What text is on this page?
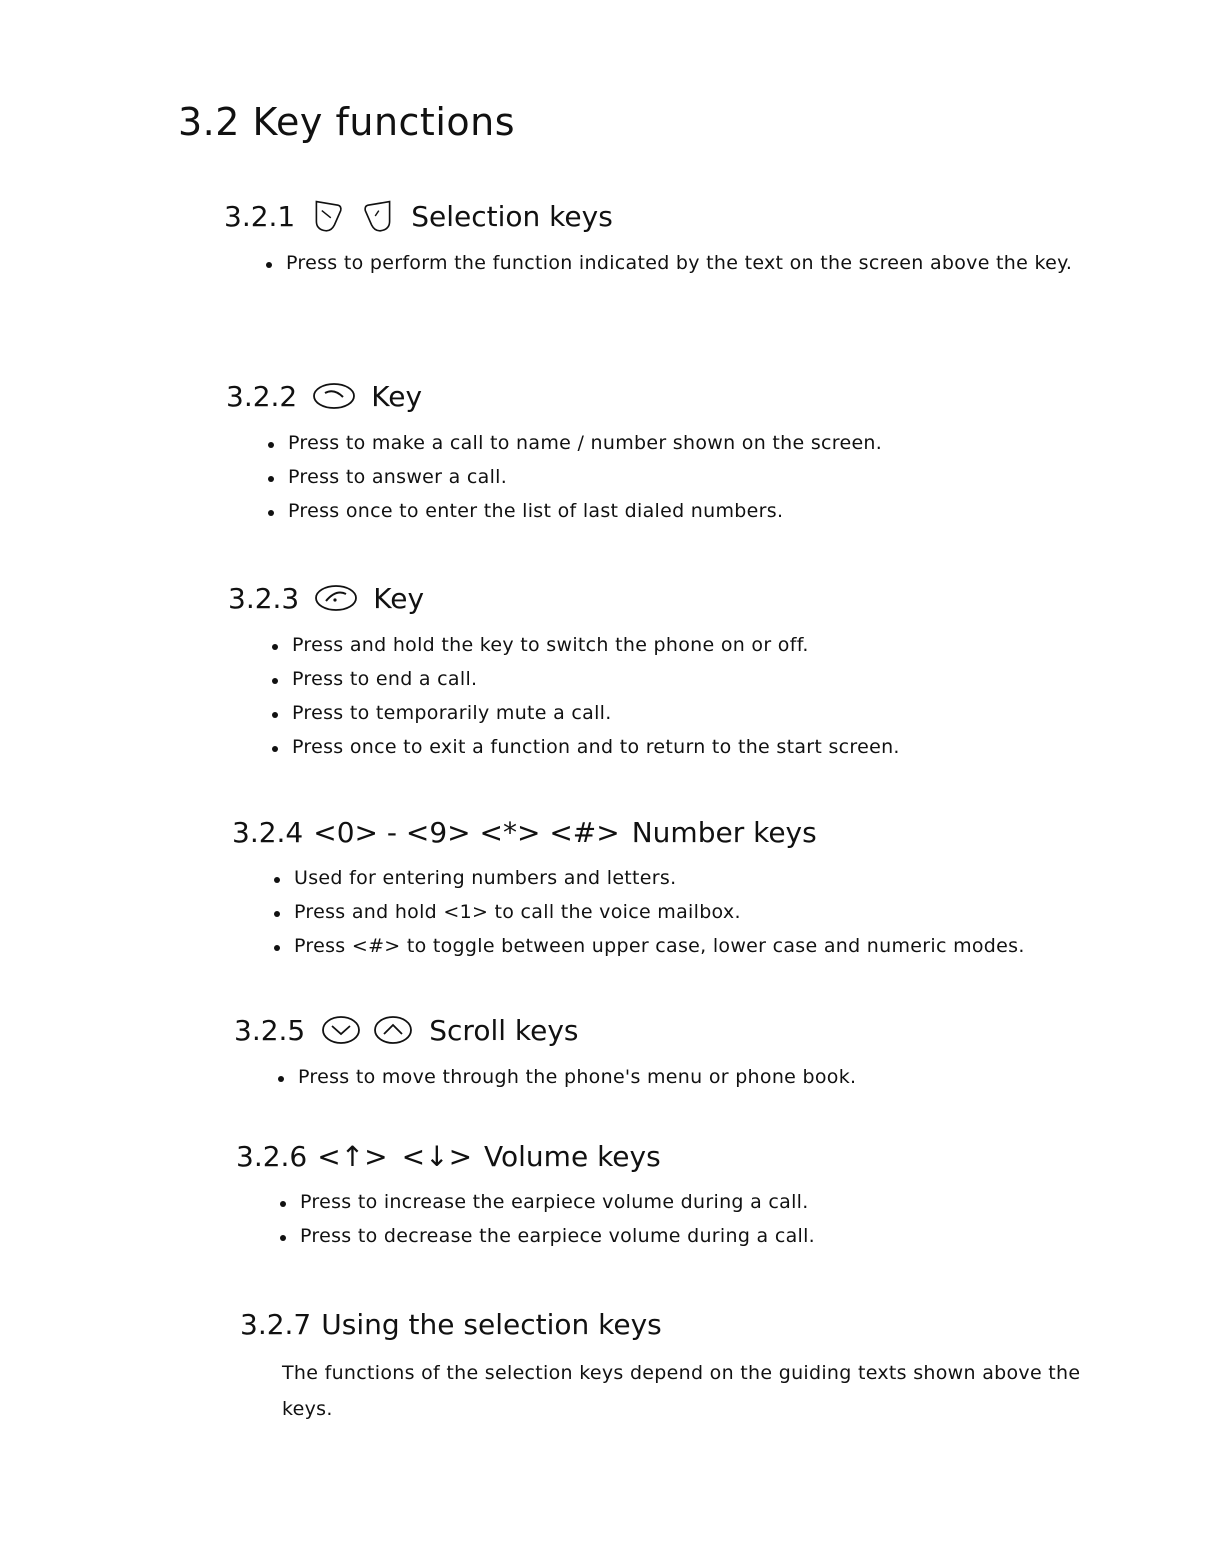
3.2 Key functions
3.2.1	Selection keys
Press to perform the function indicated by the text on the screen above the key.
3.2.2	Key
Press to make a call to name / number shown on the screen.
Press to answer a call.
Press once to enter the list of last dialed numbers.
3.2.3	Key
Press and hold the key to switch the phone on or off.
Press to end a call.
Press to temporarily mute a call.
Press once to exit a function and to return to the start screen.
3.2.4 <0> - <9> <*> <#> Number keys
Used for entering numbers and letters.
Press and hold <1> to call the voice mailbox.
Press <#> to toggle between upper case, lower case and numeric modes.
3.2.5	Scroll keys
Press to move through the phone's menu or phone book.
3.2.6 <↑> <↓> Volume keys
Press to increase the earpiece volume during a call.
Press to decrease the earpiece volume during a call.
3.2.7 Using the selection keys

The functions of the selection keys depend on the guiding texts shown above the keys.
